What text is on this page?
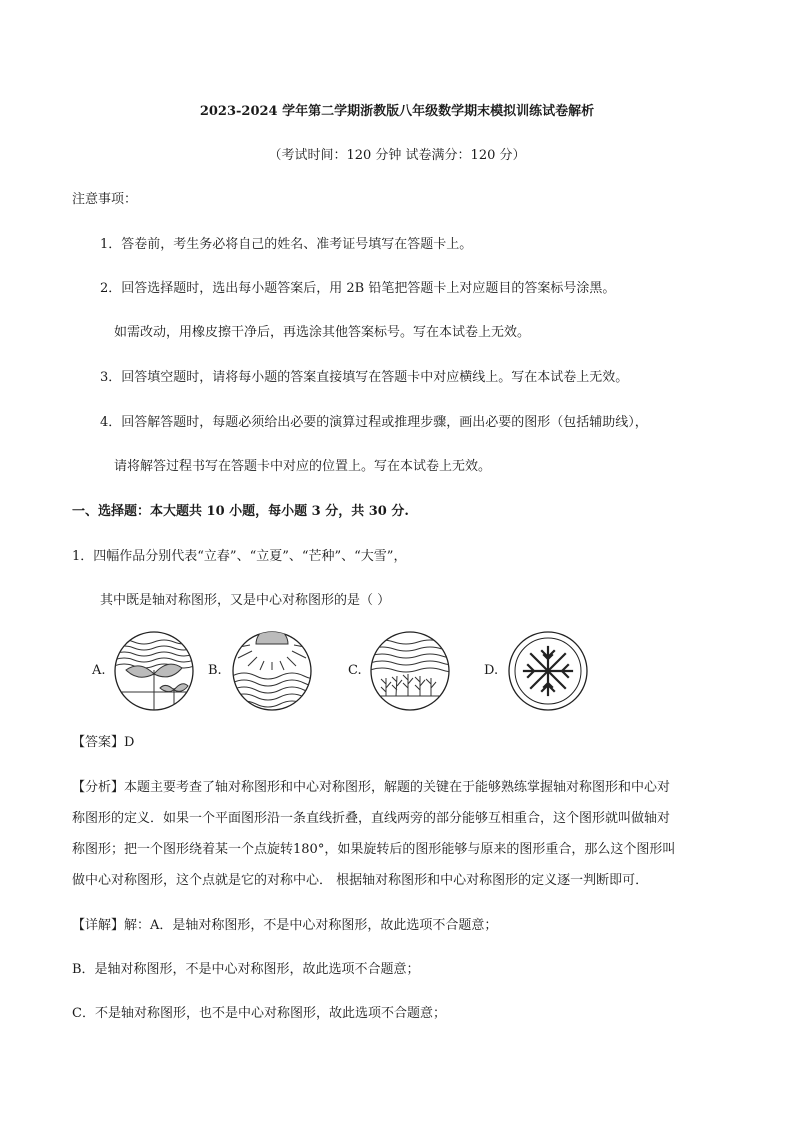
2023-2024 学年第二学期浙教版八年级数学期末模拟训练试卷解析
（考试时间：120 分钟 试卷满分：120 分）
注意事项：
1．答卷前，考生务必将自己的姓名、准考证号填写在答题卡上。
2．回答选择题时，选出每小题答案后，用 2B 铅笔把答题卡上对应题目的答案标号涂黑。
如需改动，用橡皮擦干净后，再选涂其他答案标号。写在本试卷上无效。
3．回答填空题时，请将每小题的答案直接填写在答题卡中对应横线上。写在本试卷上无效。
4．回答解答题时，每题必须给出必要的演算过程或推理步骤，画出必要的图形（包括辅助线），
请将解答过程书写在答题卡中对应的位置上。写在本试卷上无效。
一、选择题：本大题共 10 小题，每小题 3 分，共 30 分.
1．四幅作品分别代表“立春”、“立夏”、“芒种”、“大雪”，
其中既是轴对称图形，又是中心对称图形的是（ ）
A.	B.	C.	D.
【答案】D
【分析】本题主要考查了轴对称图形和中心对称图形，解题的关键在于能够熟练掌握轴对称图形和中心对
称图形的定义．如果一个平面图形沿一条直线折叠，直线两旁的部分能够互相重合，这个图形就叫做轴对
称图形；把一个图形绕着某一个点旋转180°，如果旋转后的图形能够与原来的图形重合，那么这个图形叫
做中心对称图形，这个点就是它的对称中心． 根据轴对称图形和中心对称图形的定义逐一判断即可．
【详解】解：A．是轴对称图形，不是中心对称图形，故此选项不合题意；
B．是轴对称图形，不是中心对称图形，故此选项不合题意；
C．不是轴对称图形，也不是中心对称图形，故此选项不合题意；
